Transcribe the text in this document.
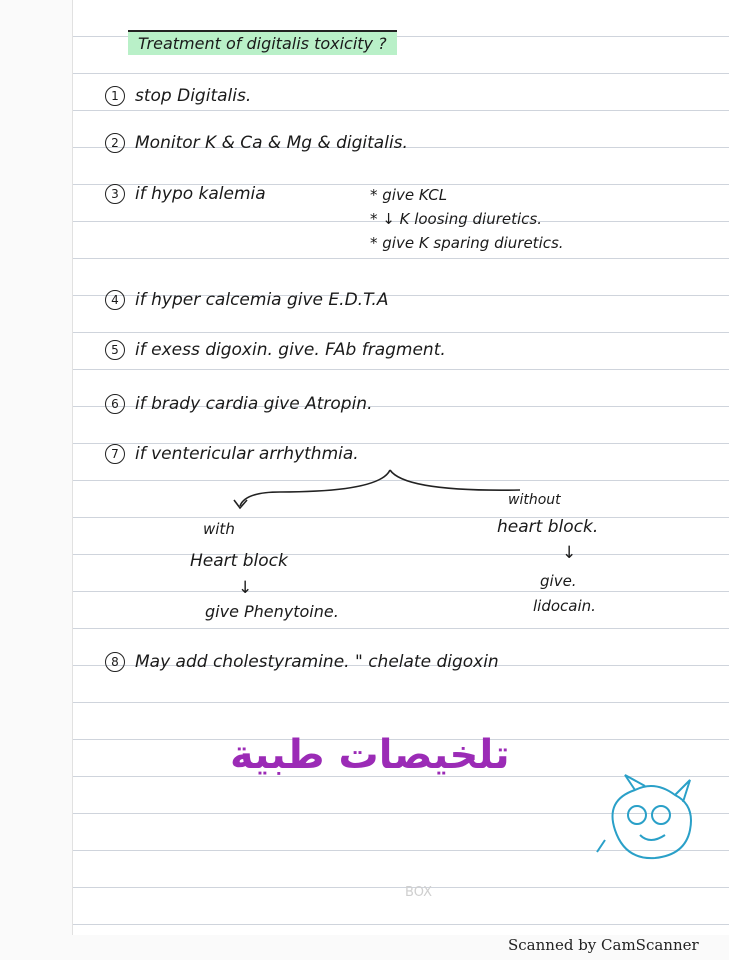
Treatment of digitalis toxicity ?
1 stop Digitalis.
2 Monitor K & Ca & Mg & digitalis.
3 if hypo kalemia	* give KCL
* ↓ K loosing diuretics.
* give K sparing diuretics.
4 if hyper calcemia give E.D.T.A
5 if exess digoxin. give. FAb fragment.
6 if brady cardia give Atropin.
7 if ventericular arrhythmia.
with
Heart block
↓
give Phenytoine.
without
heart block.
↓
give.
lidocain.
8 May add cholestyramine. " chelate digoxin
تلخيصات طبية
BOX
Scanned by CamScanner
